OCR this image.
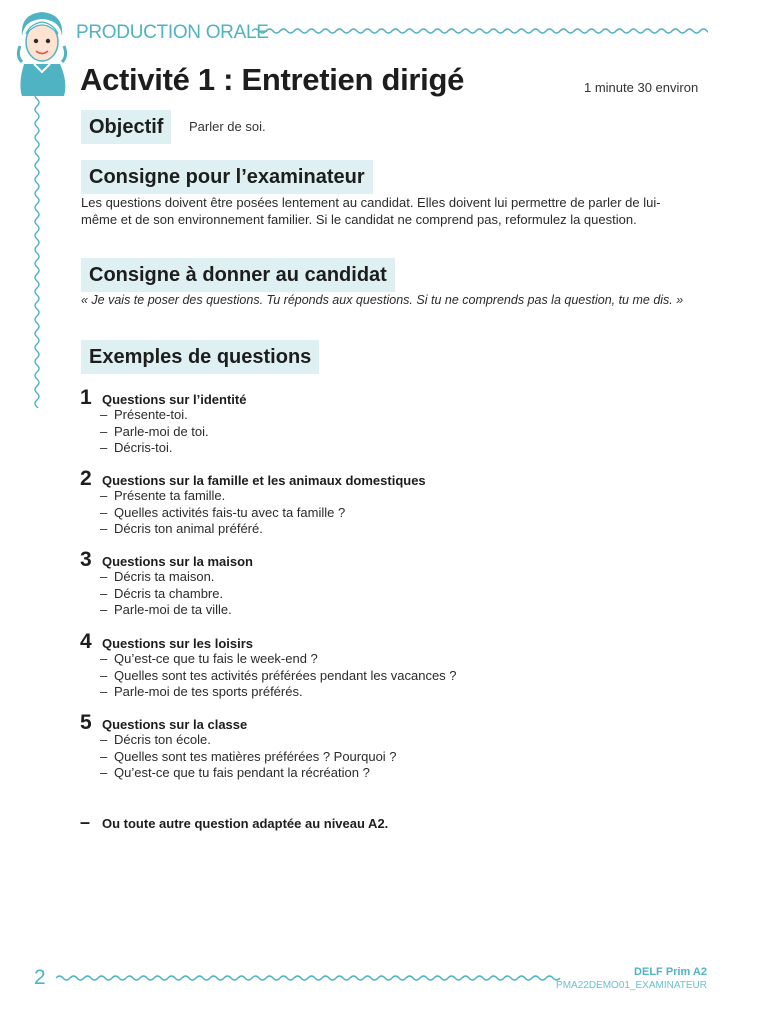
PRODUCTION ORALE
Activité 1 : Entretien dirigé	1 minute 30 environ
Objectif	Parler de soi.
Consigne pour l’examinateur
Les questions doivent être posées lentement au candidat. Elles doivent lui permettre de parler de lui-
même et de son environnement familier. Si le candidat ne comprend pas, reformulez la question.
Consigne à donner au candidat
« Je vais te poser des questions. Tu réponds aux questions. Si tu ne comprends pas la question, tu me dis. »
Exemples de questions
1 Questions sur l’identité
– Présente-toi.
– Parle-moi de toi.
– Décris-toi.
2 Questions sur la famille et les animaux domestiques
– Présente ta famille.
– Quelles activités fais-tu avec ta famille ?
– Décris ton animal préféré.
3 Questions sur la maison
– Décris ta maison.
– Décris ta chambre.
– Parle-moi de ta ville.
4 Questions sur les loisirs
– Qu’est-ce que tu fais le week-end ?
– Quelles sont tes activités préférées pendant les vacances ?
– Parle-moi de tes sports préférés.
5 Questions sur la classe
– Décris ton école.
– Quelles sont tes matières préférées ? Pourquoi ?
– Qu’est-ce que tu fais pendant la récréation ?
– Ou toute autre question adaptée au niveau A2.
2	DELF Prim A2
PMA22DEMO01_EXAMINATEUR
